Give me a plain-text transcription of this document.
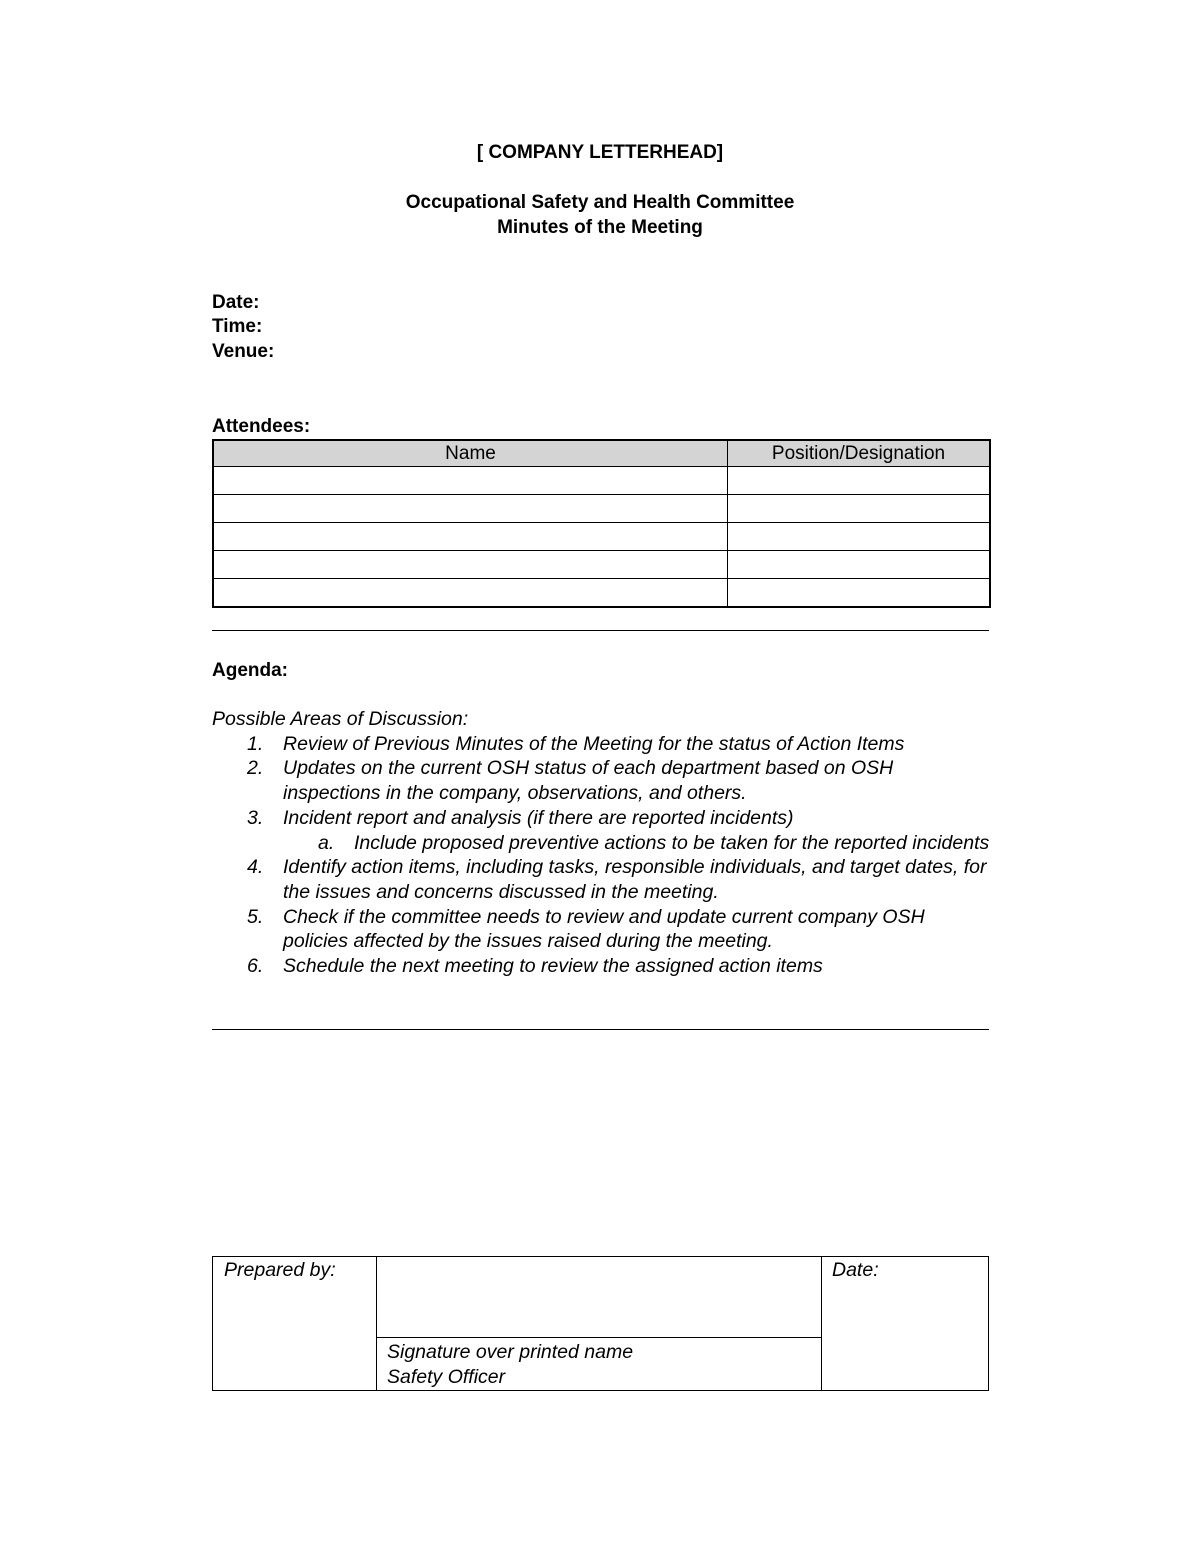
[ COMPANY LETTERHEAD]
Occupational Safety and Health Committee
Minutes of the Meeting
Date:
Time:
Venue:
Attendees:
Name	Position/Designation

Agenda:

Possible Areas of Discussion:

1. Review of Previous Minutes of the Meeting for the status of Action Items
2. Updates on the current OSH status of each department based on OSH inspections in the company, observations, and others.
3. Incident report and analysis (if there are reported incidents)
a. Include proposed preventive actions to be taken for the reported incidents
4. Identify action items, including tasks, responsible individuals, and target dates, for the issues and concerns discussed in the meeting.
5. Check if the committee needs to review and update current company OSH policies affected by the issues raised during the meeting.
6. Schedule the next meeting to review the assigned action items
Prepared by:		Date:

Signature over printed name
Safety Officer
